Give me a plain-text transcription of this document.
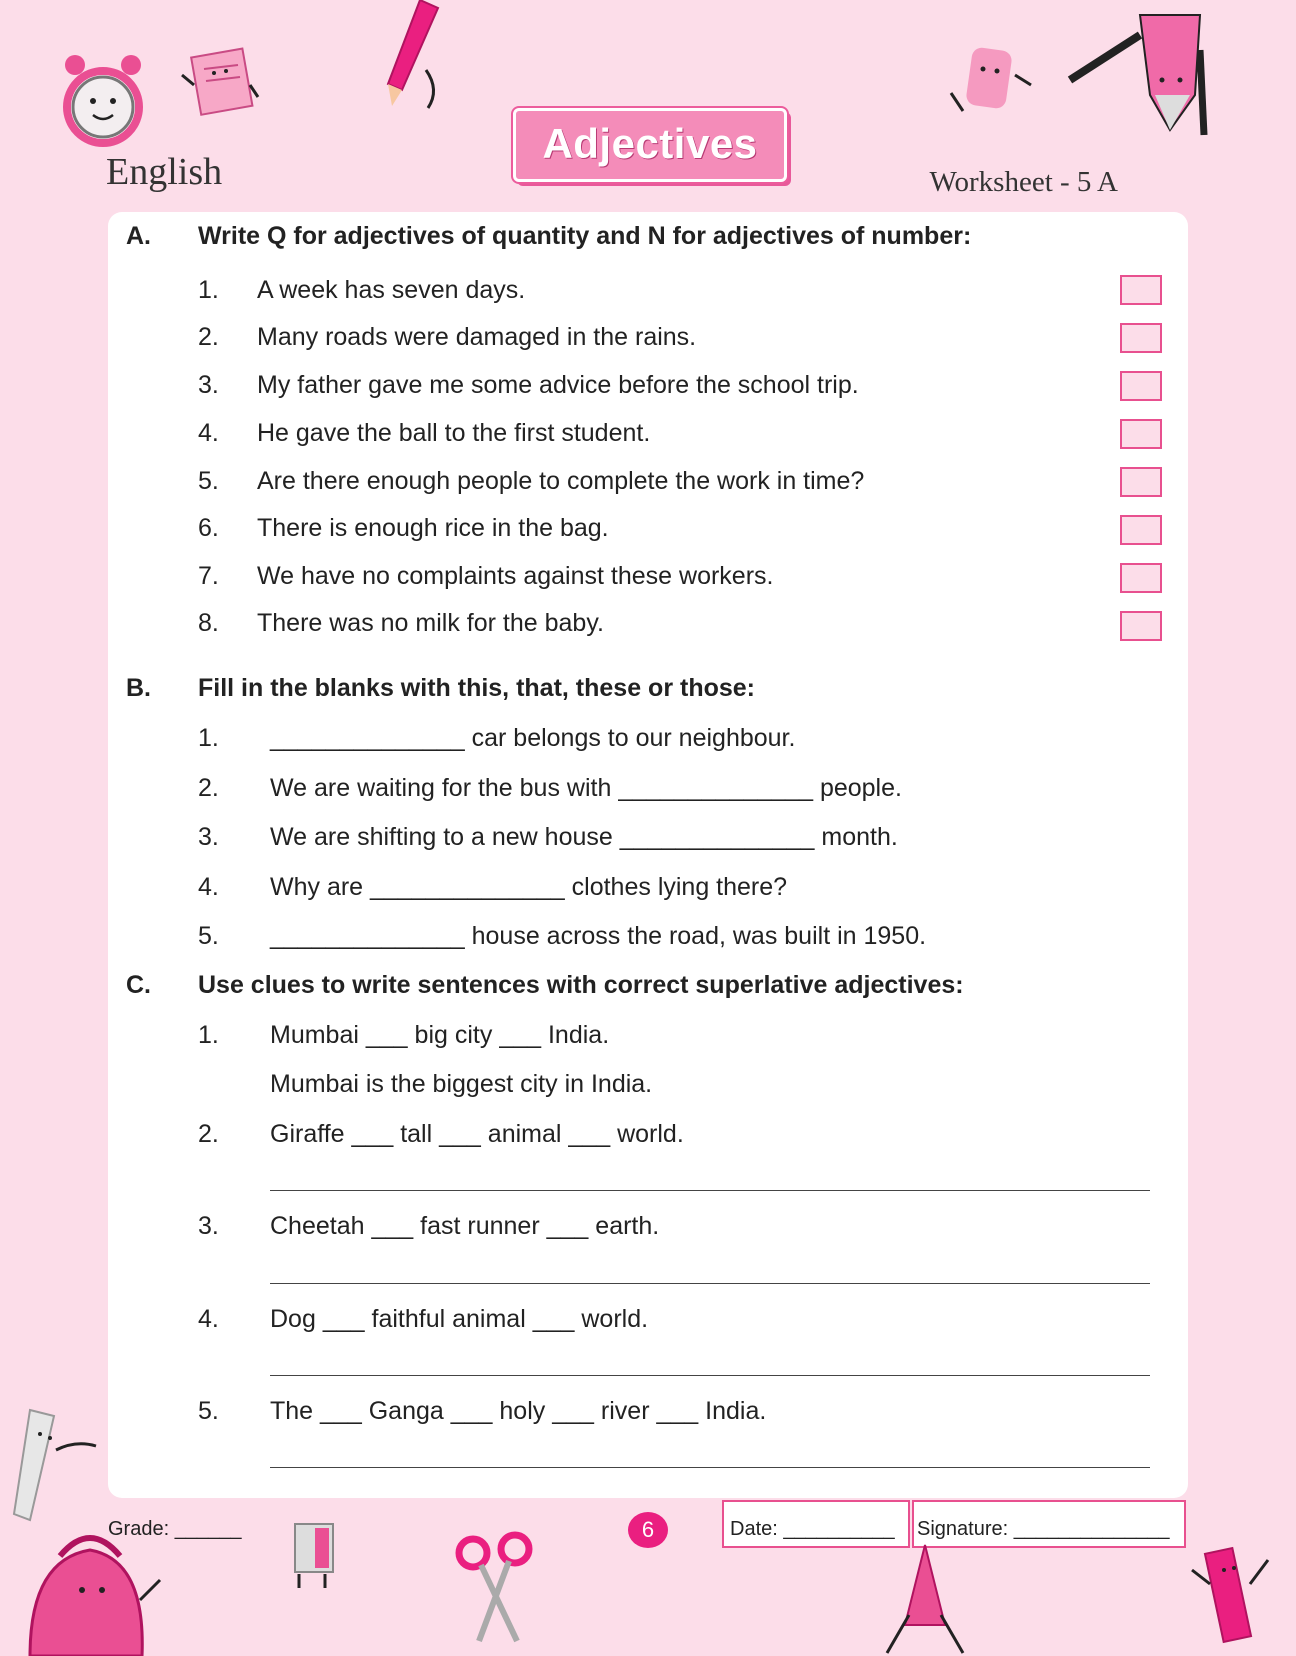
English
Adjectives
Worksheet - 5 A
A. Write Q for adjectives of quantity and N for adjectives of number:
1. A week has seven days.
2. Many roads were damaged in the rains.
3. My father gave me some advice before the school trip.
4. He gave the ball to the first student.
5. Are there enough people to complete the work in time?
6. There is enough rice in the bag.
7. We have no complaints against these workers.
8. There was no milk for the baby.
B. Fill in the blanks with this, that, these or those:
1. ______________ car belongs to our neighbour.
2. We are waiting for the bus with ______________ people.
3. We are shifting to a new house ______________ month.
4. Why are ______________ clothes lying there?
5. ______________ house across the road, was built in 1950.
C. Use clues to write sentences with correct superlative adjectives:
1. Mumbai ___ big city ___ India.
Mumbai is the biggest city in India.
2. Giraffe ___ tall ___ animal ___ world.
3. Cheetah ___ fast runner ___ earth.
4. Dog ___ faithful animal ___ world.
5. The ___ Ganga ___ holy ___ river ___ India.
Grade: ______	6	Date: __________ Signature: ______________
